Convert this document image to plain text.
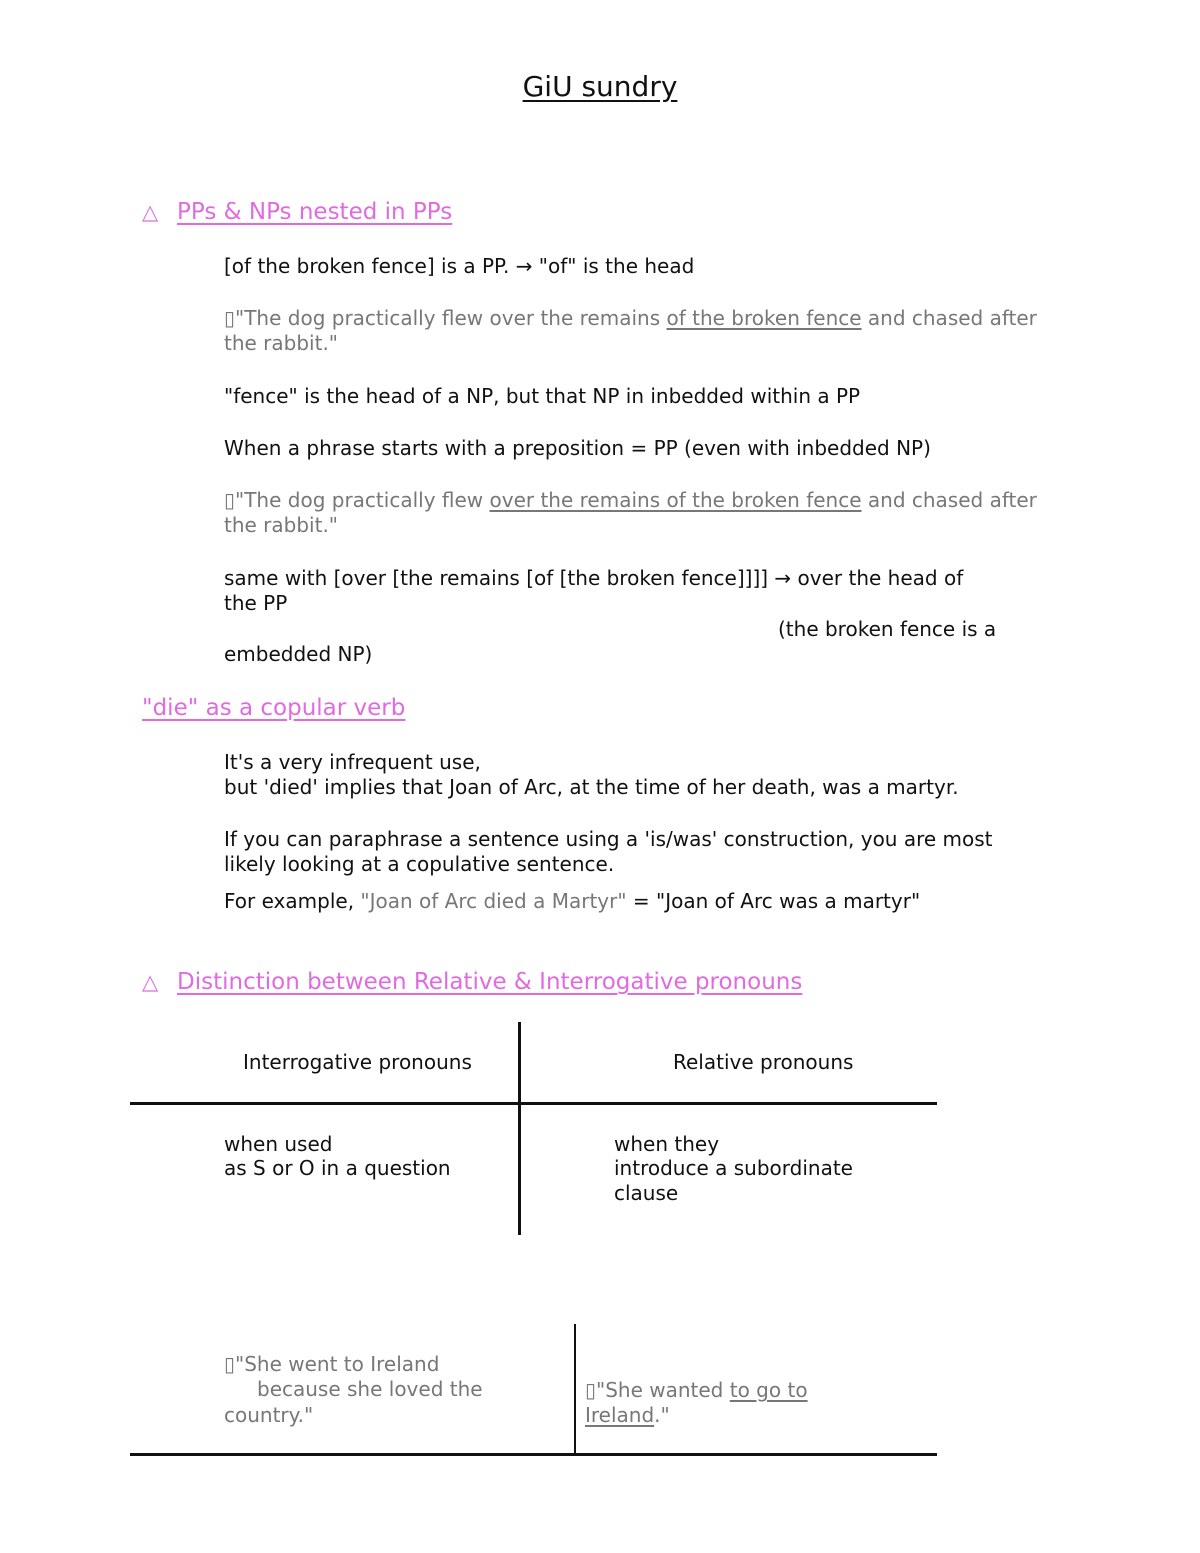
GiU sundry
△ PPs & NPs nested in PPs
[of the broken fence] is a PP. → "of" is the head
▯"The dog practically flew over the remains of the broken fence and chased after
the rabbit."
"fence" is the head of a NP, but that NP in inbedded within a PP
When a phrase starts with a preposition = PP (even with inbedded NP)
▯"The dog practically flew over the remains of the broken fence and chased after
the rabbit."
same with [over [the remains [of [the broken fence]]]] → over the head of
the PP
(the broken fence is a
embedded NP)
"die" as a copular verb
It's a very infrequent use,
but 'died' implies that Joan of Arc, at the time of her death, was a martyr.
If you can paraphrase a sentence using a 'is/was' construction, you are most
likely looking at a copulative sentence.
For example, "Joan of Arc died a Martyr" = "Joan of Arc was a martyr"
△ Distinction between Relative & Interrogative pronouns
Interrogative pronouns	Relative pronouns
when used
as S or O in a question
when they
introduce a subordinate
clause
▯"She went to Ireland
because she loved the
country."
▯"She wanted to go to
Ireland."
